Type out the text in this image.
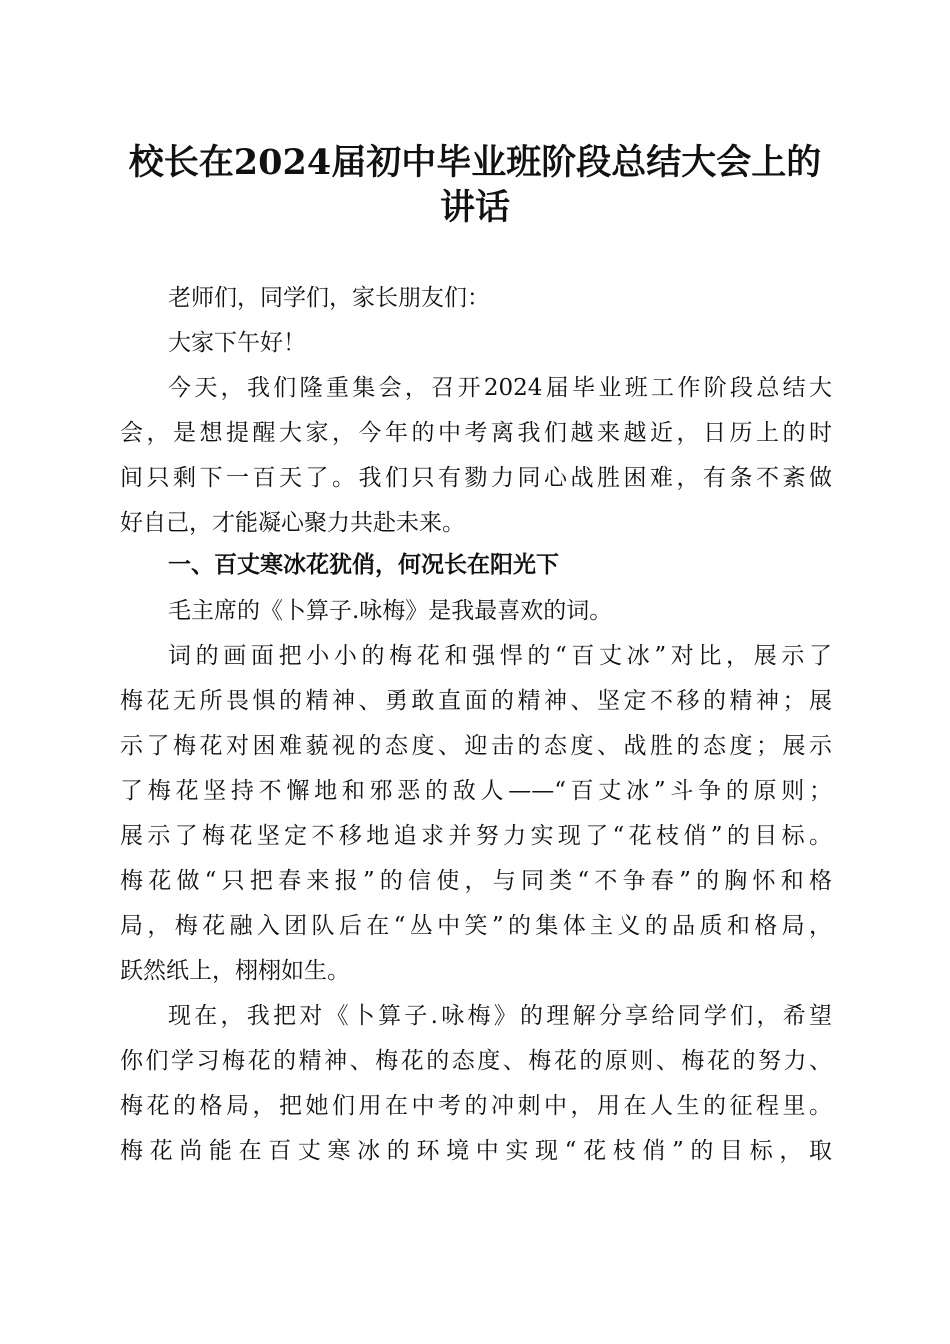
校长在2024届初中毕业班阶段总结大会上的
讲话

老师们，同学们，家长朋友们：

大家下午好！

今天，我们隆重集会，召开2024届毕业班工作阶段总结大

会，是想提醒大家，今年的中考离我们越来越近，日历上的时

间只剩下一百天了。我们只有勠力同心战胜困难，有条不紊做

好自己，才能凝心聚力共赴未来。

一、百丈寒冰花犹俏，何况长在阳光下

毛主席的《卜算子.咏梅》是我最喜欢的词。

词的画面把小小的梅花和强悍的“百丈冰”对比，展示了

梅花无所畏惧的精神、勇敢直面的精神、坚定不移的精神；展

示了梅花对困难藐视的态度、迎击的态度、战胜的态度；展示

了梅花坚持不懈地和邪恶的敌人——“百丈冰”斗争的原则；

展示了梅花坚定不移地追求并努力实现了“花枝俏”的目标。

梅花做“只把春来报”的信使，与同类“不争春”的胸怀和格

局，梅花融入团队后在“丛中笑”的集体主义的品质和格局，

跃然纸上，栩栩如生。

现在，我把对《卜算子.咏梅》的理解分享给同学们，希望

你们学习梅花的精神、梅花的态度、梅花的原则、梅花的努力、

梅花的格局，把她们用在中考的冲刺中，用在人生的征程里。

梅花尚能在百丈寒冰的环境中实现“花枝俏”的目标，取
